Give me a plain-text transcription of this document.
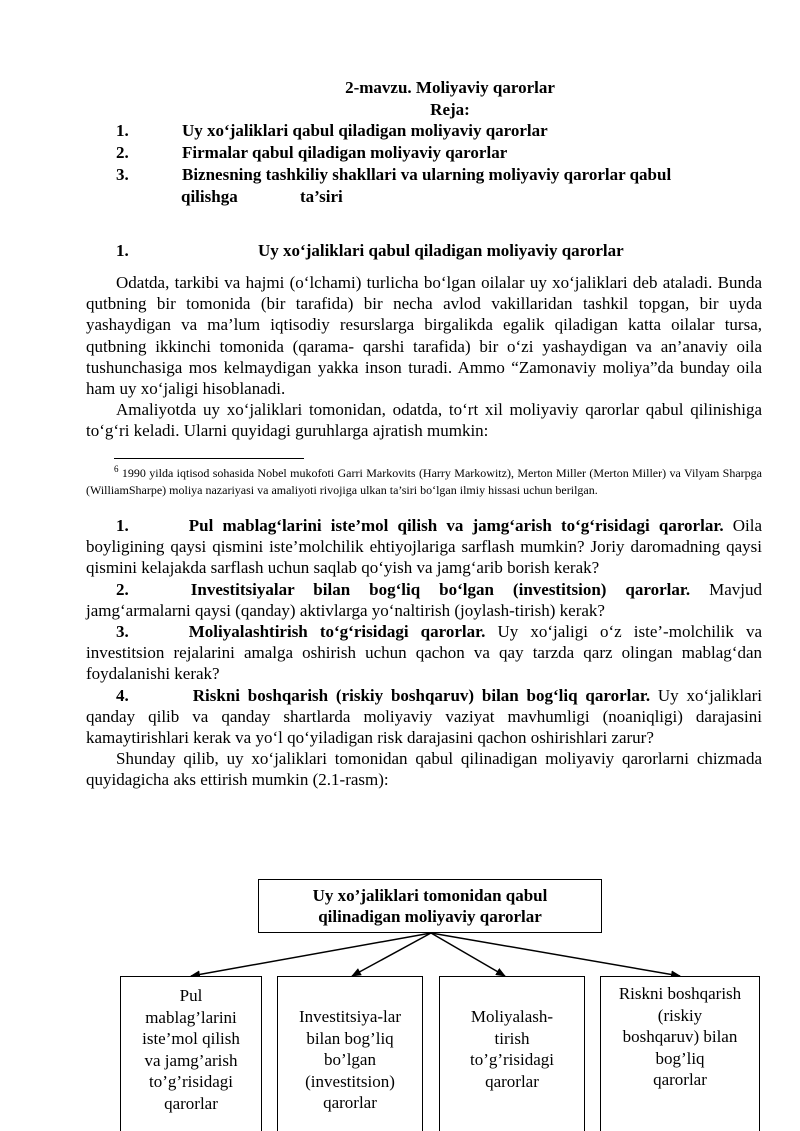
2-mavzu. Moliyaviy qarorlar
Reja:
1.	Uy xo‘jaliklari qabul qiladigan moliyaviy qarorlar
2.	Firmalar qabul qiladigan moliyaviy qarorlar
3.	Biznesning tashkiliy shakllari va ularning moliyaviy qarorlar qabul
qilishga	ta’siri
1.	Uy xo‘jaliklari qabul qiladigan moliyaviy qarorlar

Odatda, tarkibi va hajmi (o‘lchami) turlicha bo‘lgan oilalar uy xo‘jaliklari deb ataladi. Bunda qutbning bir tomonida (bir tarafida) bir necha avlod vakillaridan tashkil topgan, bir uyda yashaydigan va ma’lum iqtisodiy resurslarga birgalikda egalik qiladigan katta oilalar tursa, qutbning ikkinchi tomonida (qarama- qarshi tarafida) bir o‘zi yashaydigan va an’anaviy oila tushunchasiga mos kelmaydigan yakka inson turadi. Ammo “Zamonaviy moliya”da bunday oila ham uy xo‘jaligi hisoblanadi.

Amaliyotda uy xo‘jaliklari tomonidan, odatda, to‘rt xil moliyaviy qarorlar qabul qilinishiga to‘g‘ri keladi. Ularni quyidagi guruhlarga ajratish mumkin:

$^6$ 1990 yilda iqtisod sohasida Nobel mukofoti Garri Markovits (Harry Markowitz), Merton Miller (Merton Miller) va Vilyam Sharpga (WilliamSharpe) moliya nazariyasi va amaliyoti rivojiga ulkan ta’siri bo‘lgan ilmiy hissasi uchun berilgan.

1.	Pul mablag‘larini iste’mol qilish va jamg‘arish to‘g‘risidagi qarorlar. Oila boyligining qaysi qismini iste’molchilik ehtiyojlariga sarflash mumkin? Joriy daromadning qaysi qismini kelajakda sarflash uchun saqlab qo‘yish va jamg‘arib borish kerak?

2.	Investitsiyalar bilan bog‘liq bo‘lgan (investitsion) qarorlar. Mavjud jamg‘armalarni qaysi (qanday) aktivlarga yo‘naltirish (joylash-tirish) kerak?

3.	Moliyalashtirish to‘g‘risidagi qarorlar. Uy xo‘jaligi o‘z iste’-molchilik va investitsion rejalarini amalga oshirish uchun qachon va qay tarzda qarz olingan mablag‘dan foydalanishi kerak?

4.	Riskni boshqarish (riskiy boshqaruv) bilan bog‘liq qarorlar. Uy xo‘jaliklari qanday qilib va qanday shartlarda moliyaviy vaziyat mavhumligi (noaniqligi) darajasini kamaytirishlari kerak va yo‘l qo‘yiladigan risk darajasini qachon oshirishlari zarur?

Shunday qilib, uy xo‘jaliklari tomonidan qabul qilinadigan moliyaviy qarorlarni chizmada quyidagicha aks ettirish mumkin (2.1-rasm):

Uy xo’jaliklari tomonidan qabul
qilinadigan moliyaviy qarorlar
Pul
mablag’larini
iste’mol qilish
va jamg’arish
to’g’risidagi
qarorlar
Investitsiya-lar
bilan bog’liq
bo’lgan
(investitsion)
qarorlar
Moliyalash-
tirish
to’g’risidagi
qarorlar
Riskni boshqarish
(riskiy
boshqaruv) bilan
bog’liq
qarorlar
